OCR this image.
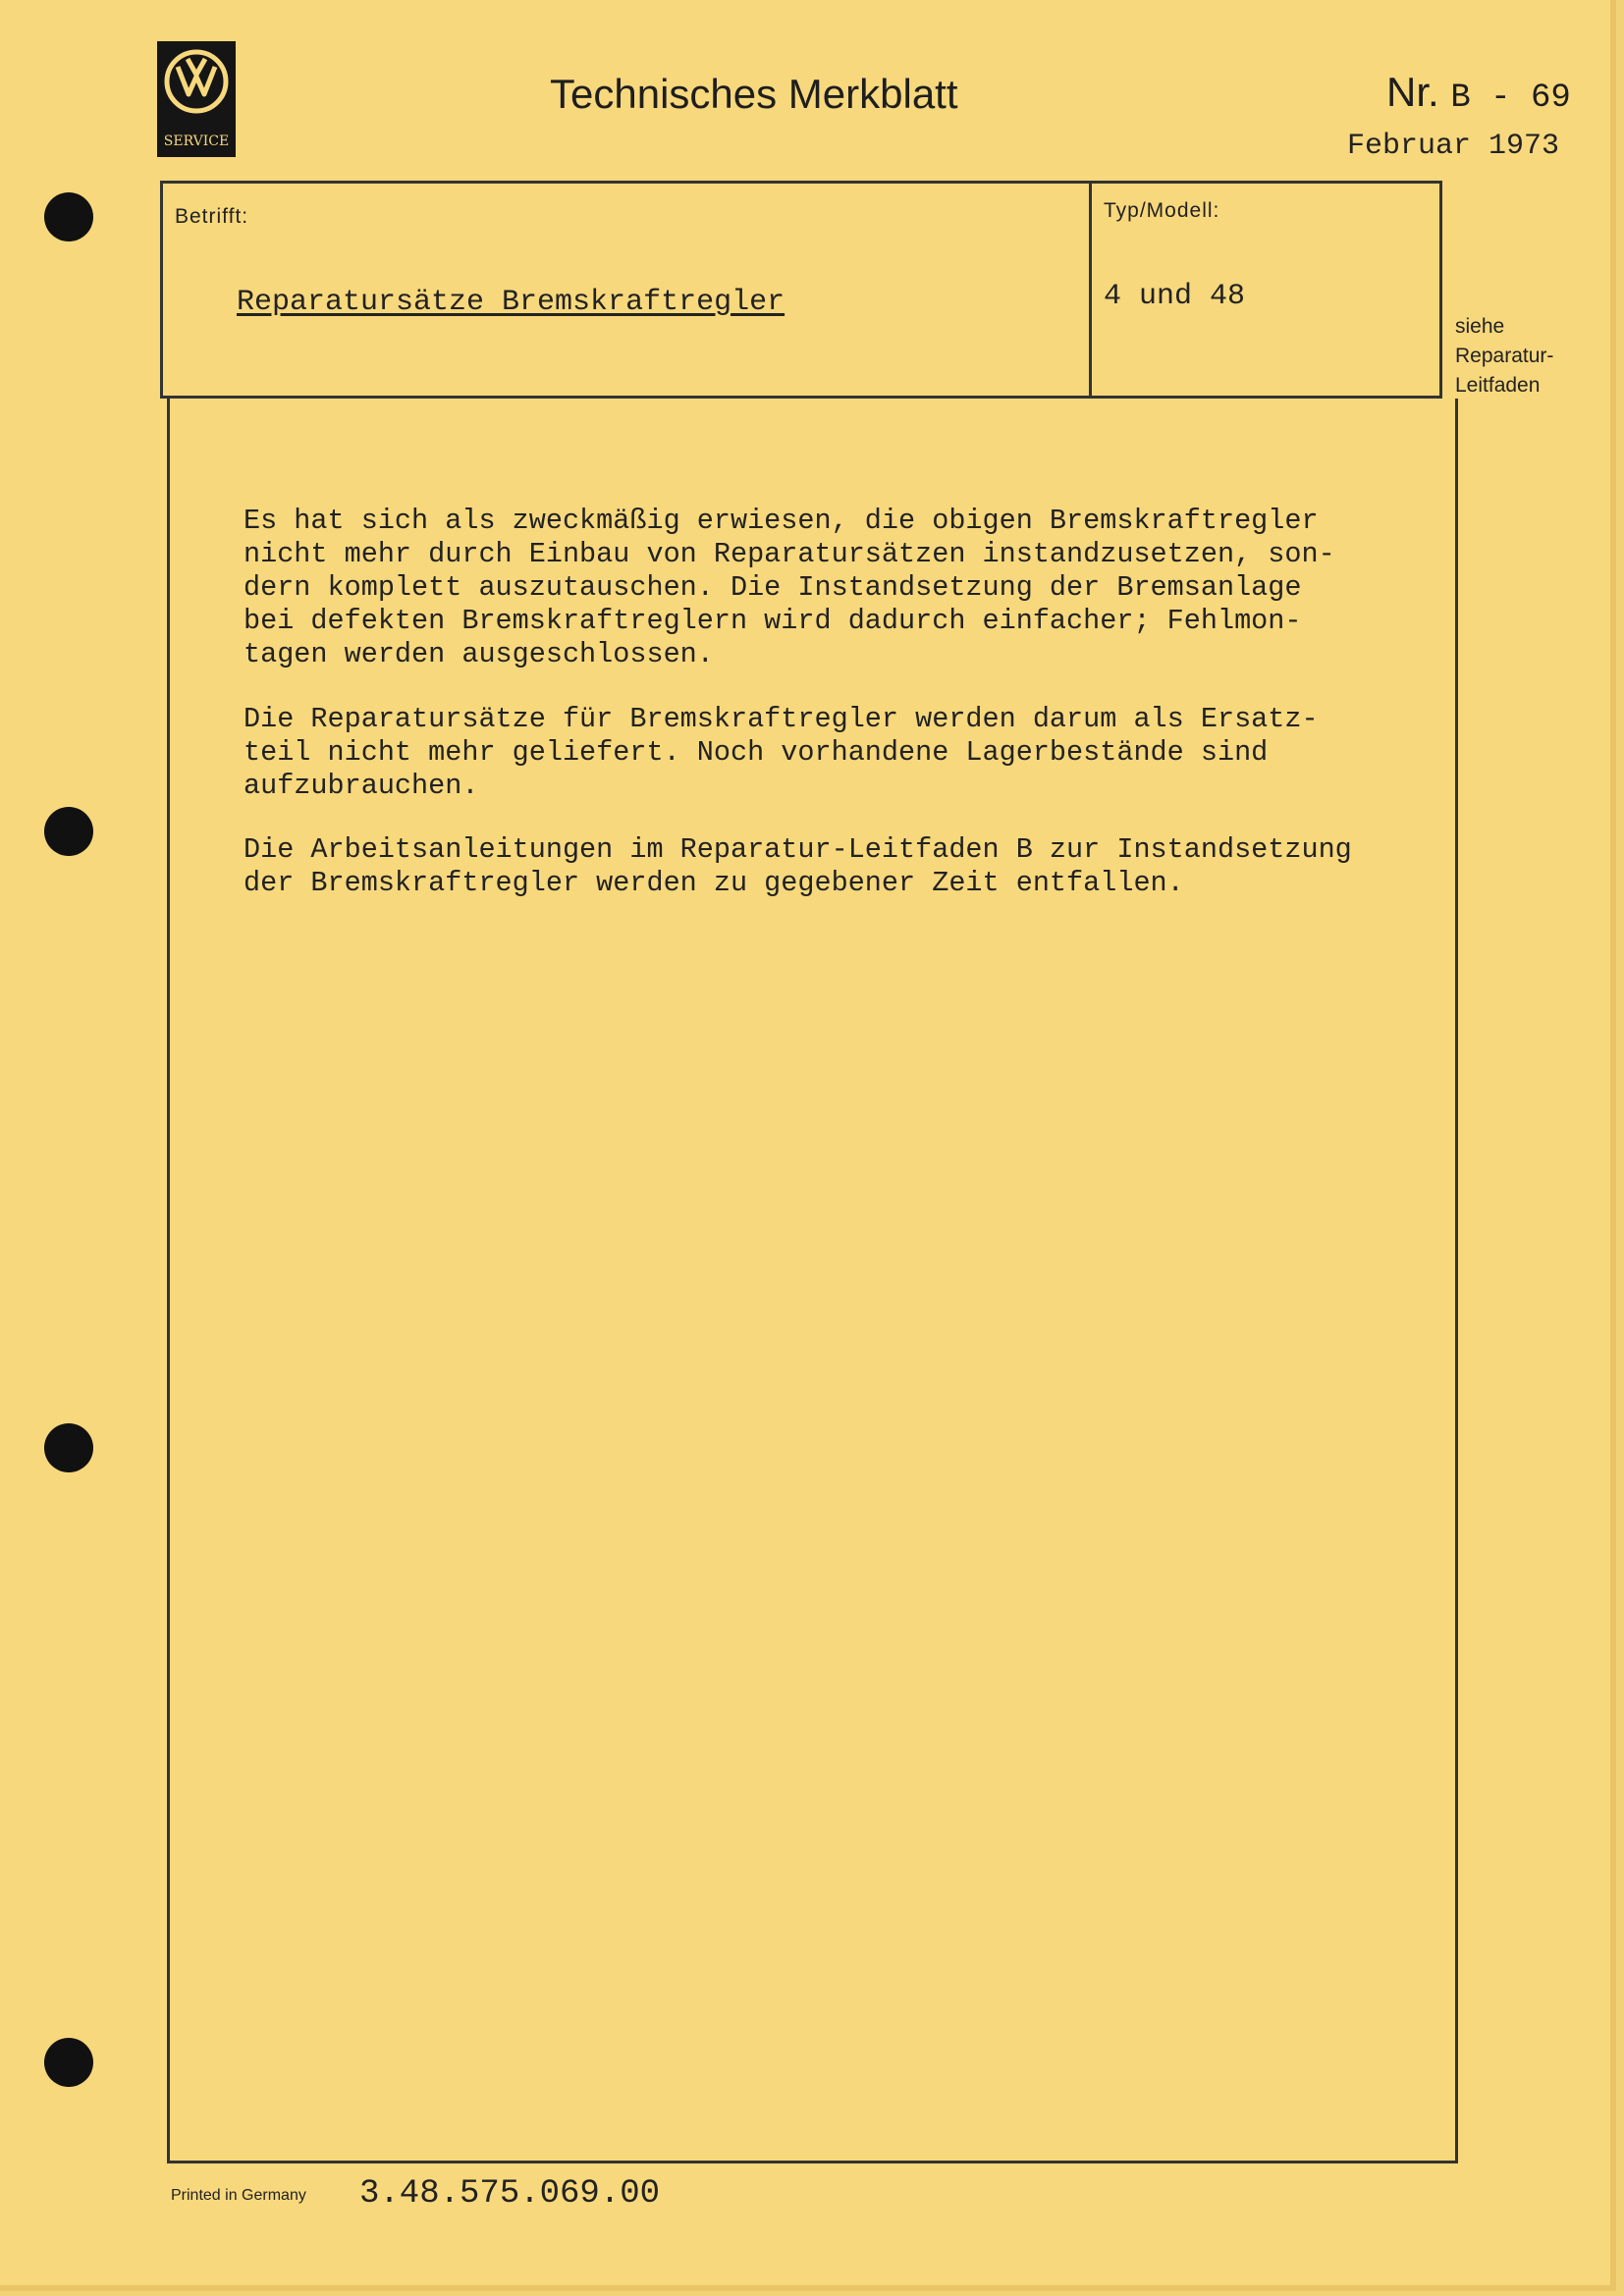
SERVICE
Technisches Merkblatt	Nr. B - 69
Februar 1973
Betrifft:
Reparatursätze Bremskraftregler
Typ/Modell:
4 und 48
siehe
Reparatur-
Leitfaden
Es hat sich als zweckmäßig erwiesen, die obigen Bremskraftregler
nicht mehr durch Einbau von Reparatursätzen instandzusetzen, son-
dern komplett auszutauschen. Die Instandsetzung der Bremsanlage
bei defekten Bremskraftreglern wird dadurch einfacher; Fehlmon-
tagen werden ausgeschlossen.
Die Reparatursätze für Bremskraftregler werden darum als Ersatz-
teil nicht mehr geliefert. Noch vorhandene Lagerbestände sind
aufzubrauchen.
Die Arbeitsanleitungen im Reparatur-Leitfaden B zur Instandsetzung
der Bremskraftregler werden zu gegebener Zeit entfallen.
Printed in Germany 3.48.575.069.00
